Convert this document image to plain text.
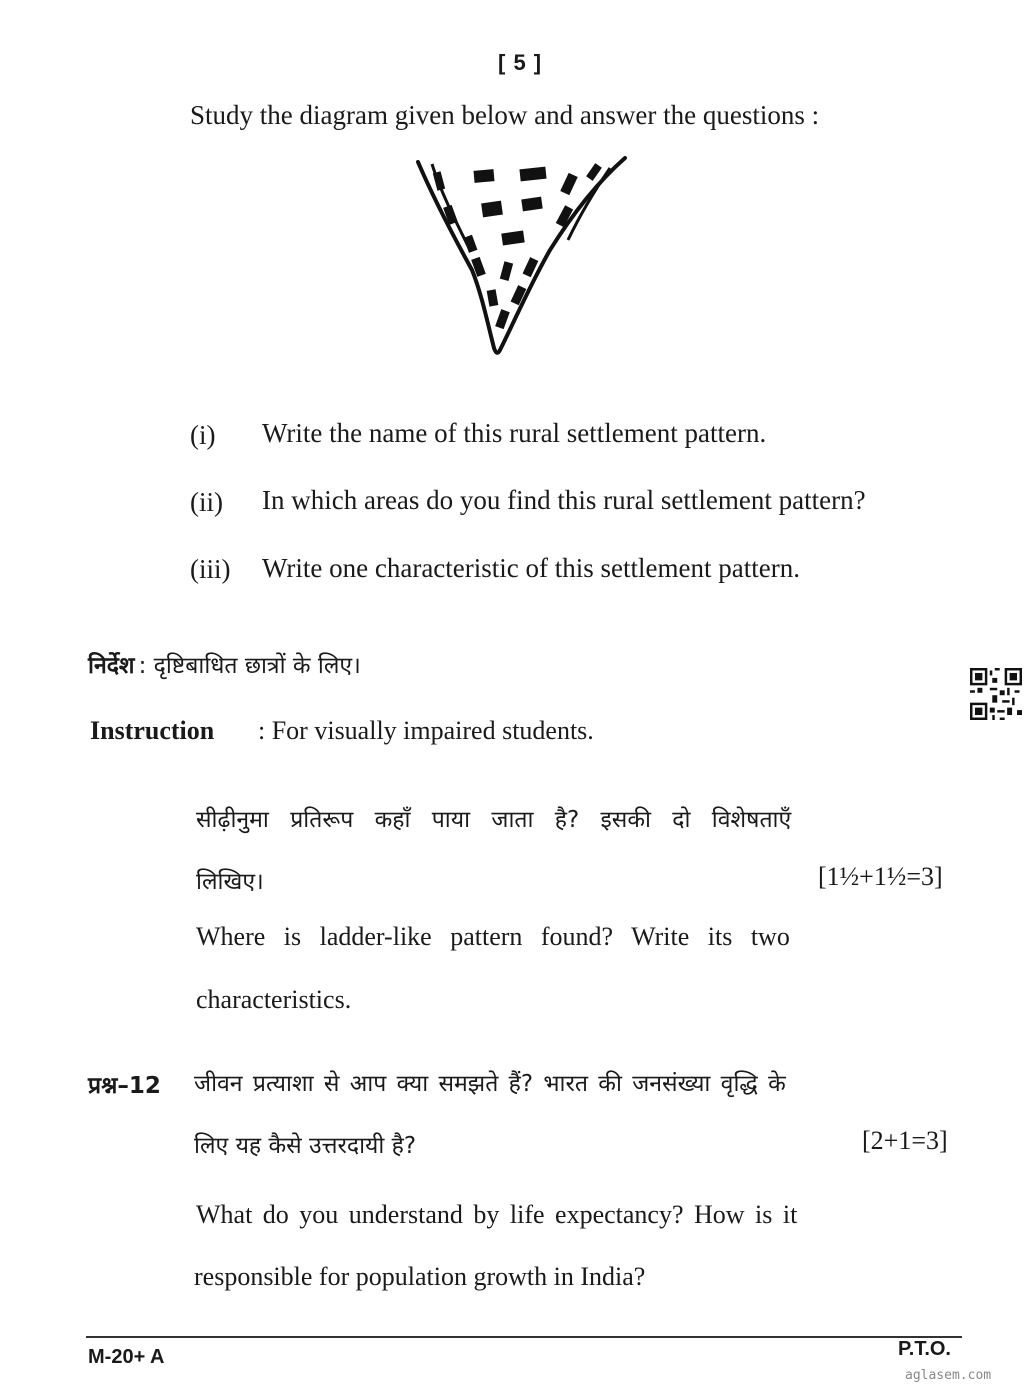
[ 5 ]
Study the diagram given below and answer the questions :
(i) Write the name of this rural settlement pattern.
(ii) In which areas do you find this rural settlement pattern?
(iii) Write one characteristic of this settlement pattern.
निर्देश : दृष्टिबाधित छात्रों के लिए।
Instruction : For visually impaired students.
सीढ़ीनुमा प्रतिरूप कहाँ पाया जाता है? इसकी दो विशेषताएँ
लिखिए।	[1½+1½=3]
Where is ladder-like pattern found? Write its two
characteristics.
प्रश्न–12 जीवन प्रत्याशा से आप क्या समझते हैं? भारत की जनसंख्या वृद्धि के
लिए यह कैसे उत्तरदायी है?	[2+1=3]
What do you understand by life expectancy? How is it
responsible for population growth in India?
M-20+ A	P.T.O.
aglasem.com
